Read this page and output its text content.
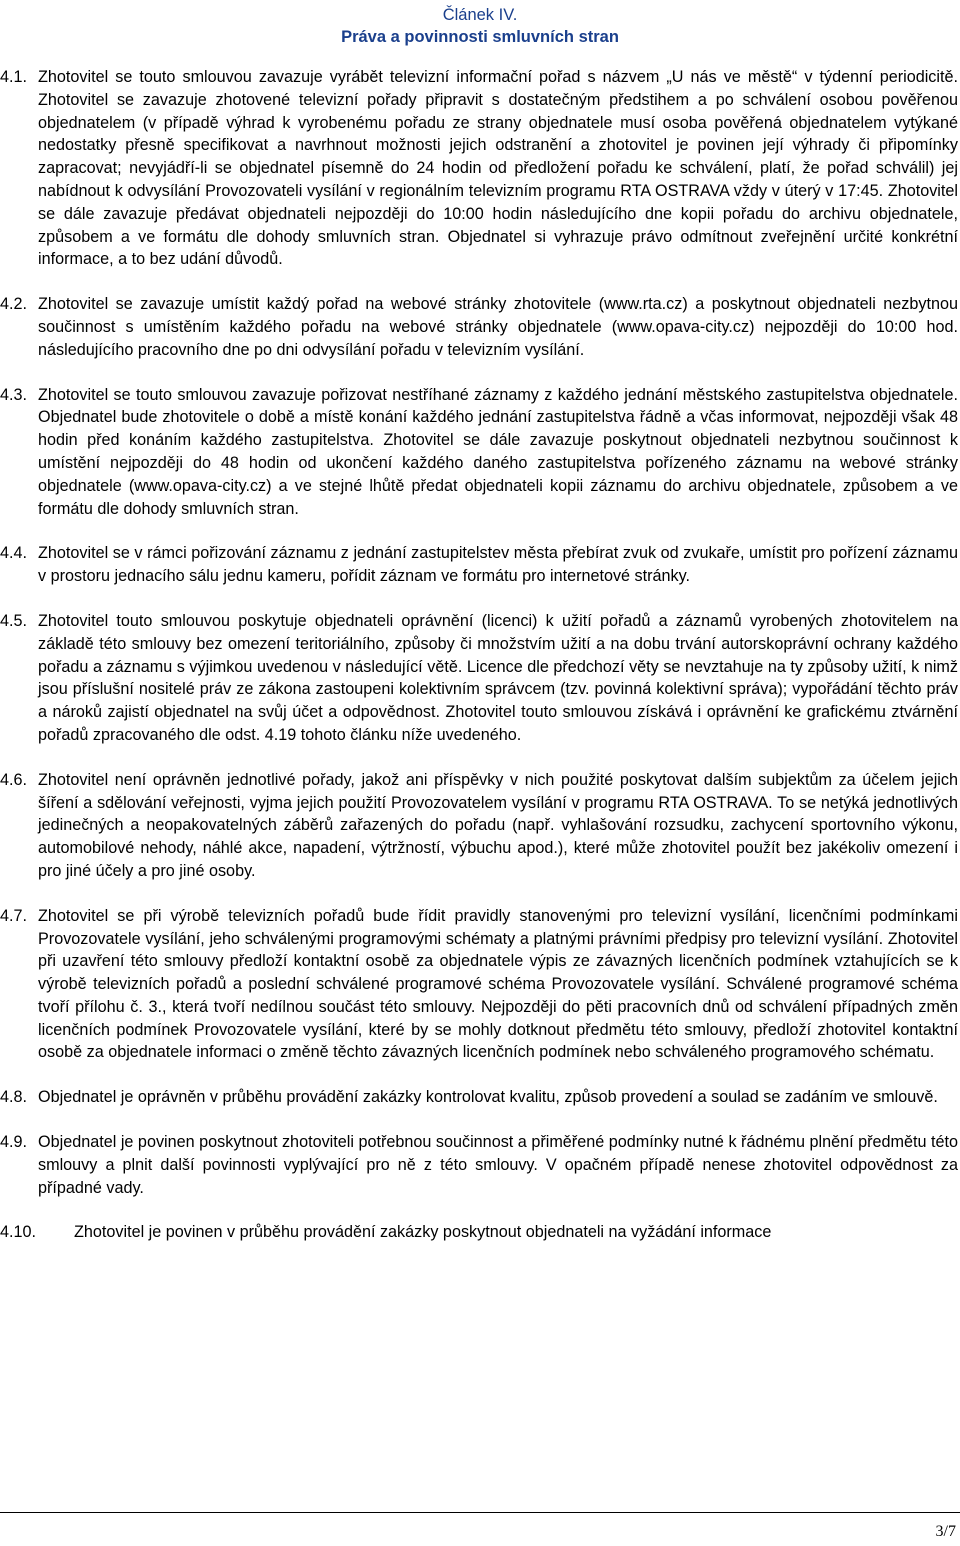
Článek IV.
Práva a povinnosti smluvních stran
4.1. Zhotovitel se touto smlouvou zavazuje vyrábět televizní informační pořad s názvem „U nás ve městě“ v týdenní periodicitě. Zhotovitel se zavazuje zhotovené televizní pořady připravit s dostatečným předstihem a po schválení osobou pověřenou objednatelem (v případě výhrad k vyrobenému pořadu ze strany objednatele musí osoba pověřená objednatelem vytýkané nedostatky přesně specifikovat a navrhnout možnosti jejich odstranění a zhotovitel je povinen její výhrady či připomínky zapracovat; nevyjádří-li se objednatel písemně do 24 hodin od předložení pořadu ke schválení, platí, že pořad schválil) jej nabídnout k odvysílání Provozovateli vysílání v regionálním televizním programu RTA OSTRAVA vždy v úterý v 17:45. Zhotovitel se dále zavazuje předávat objednateli nejpozději do 10:00 hodin následujícího dne kopii pořadu do archivu objednatele, způsobem a ve formátu dle dohody smluvních stran. Objednatel si vyhrazuje právo odmítnout zveřejnění určité konkrétní informace, a to bez udání důvodů.
4.2. Zhotovitel se zavazuje umístit každý pořad na webové stránky zhotovitele (www.rta.cz) a poskytnout objednateli nezbytnou součinnost s umístěním každého pořadu na webové stránky objednatele (www.opava-city.cz) nejpozději do 10:00 hod. následujícího pracovního dne po dni odvysílání pořadu v televizním vysílání.
4.3. Zhotovitel se touto smlouvou zavazuje pořizovat nestříhané záznamy z každého jednání městského zastupitelstva objednatele. Objednatel bude zhotovitele o době a místě konání každého jednání zastupitelstva řádně a včas informovat, nejpozději však 48 hodin před konáním každého zastupitelstva. Zhotovitel se dále zavazuje poskytnout objednateli nezbytnou součinnost k umístění nejpozději do 48 hodin od ukončení každého daného zastupitelstva pořízeného záznamu na webové stránky objednatele (www.opava-city.cz) a ve stejné lhůtě předat objednateli kopii záznamu do archivu objednatele, způsobem a ve formátu dle dohody smluvních stran.
4.4. Zhotovitel se v rámci pořizování záznamu z jednání zastupitelstev města přebírat zvuk od zvukaře, umístit pro pořízení záznamu v prostoru jednacího sálu jednu kameru, pořídit záznam ve formátu pro internetové stránky.
4.5. Zhotovitel touto smlouvou poskytuje objednateli oprávnění (licenci) k užití pořadů a záznamů vyrobených zhotovitelem na základě této smlouvy bez omezení teritoriálního, způsoby či množstvím užití a na dobu trvání autorskoprávní ochrany každého pořadu a záznamu s výjimkou uvedenou v následující větě. Licence dle předchozí věty se nevztahuje na ty způsoby užití, k nimž jsou příslušní nositelé práv ze zákona zastoupeni kolektivním správcem (tzv. povinná kolektivní správa); vypořádání těchto práv a nároků zajistí objednatel na svůj účet a odpovědnost. Zhotovitel touto smlouvou získává i oprávnění ke grafickému ztvárnění pořadů zpracovaného dle odst. 4.19 tohoto článku níže uvedeného.
4.6. Zhotovitel není oprávněn jednotlivé pořady, jakož ani příspěvky v nich použité poskytovat dalším subjektům za účelem jejich šíření a sdělování veřejnosti, vyjma jejich použití Provozovatelem vysílání v programu RTA OSTRAVA. To se netýká jednotlivých jedinečných a neopakovatelných záběrů zařazených do pořadu (např. vyhlašování rozsudku, zachycení sportovního výkonu, automobilové nehody, náhlé akce, napadení, výtržností, výbuchu apod.), které může zhotovitel použít bez jakékoliv omezení i pro jiné účely a pro jiné osoby.
4.7. Zhotovitel se při výrobě televizních pořadů bude řídit pravidly stanovenými pro televizní vysílání, licenčními podmínkami Provozovatele vysílání, jeho schválenými programovými schématy a platnými právními předpisy pro televizní vysílání. Zhotovitel při uzavření této smlouvy předloží kontaktní osobě za objednatele výpis ze závazných licenčních podmínek vztahujících se k výrobě televizních pořadů a poslední schválené programové schéma Provozovatele vysílání. Schválené programové schéma tvoří přílohu č. 3., která tvoří nedílnou součást této smlouvy. Nejpozději do pěti pracovních dnů od schválení případných změn licenčních podmínek Provozovatele vysílání, které by se mohly dotknout předmětu této smlouvy, předloží zhotovitel kontaktní osobě za objednatele informaci o změně těchto závazných licenčních podmínek nebo schváleného programového schématu.
4.8. Objednatel je oprávněn v průběhu provádění zakázky kontrolovat kvalitu, způsob provedení a soulad se zadáním ve smlouvě.
4.9. Objednatel je povinen poskytnout zhotoviteli potřebnou součinnost a přiměřené podmínky nutné k řádnému plnění předmětu této smlouvy a plnit další povinnosti vyplývající pro ně z této smlouvy. V opačném případě nenese zhotovitel odpovědnost za případné vady.
4.10. Zhotovitel je povinen v průběhu provádění zakázky poskytnout objednateli na vyžádání informace
3/7
